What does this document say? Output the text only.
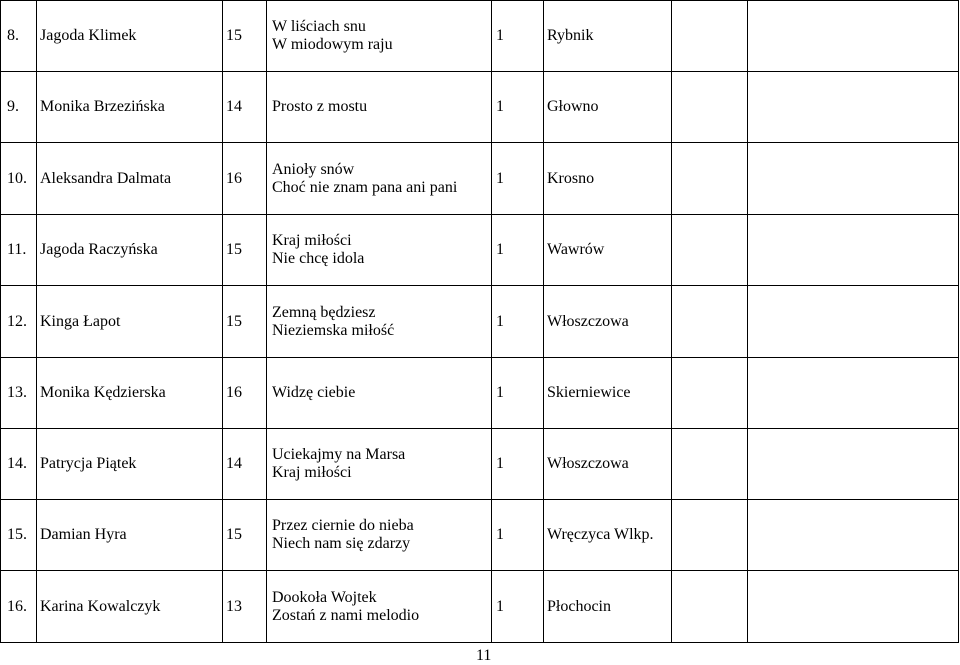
8.	Jagoda Klimek	15	W liściach snu
W miodowym raju	1	Rybnik		
9.	Monika Brzezińska	14	Prosto z mostu	1	Głowno		
10.	Aleksandra Dalmata	16	Anioły snów
Choć nie znam pana ani pani	1	Krosno		
11.	Jagoda Raczyńska	15	Kraj miłości
Nie chcę idola	1	Wawrów		
12.	Kinga Łapot	15	Zemną będziesz
Nieziemska miłość	1	Włoszczowa		
13.	Monika Kędzierska	16	Widzę ciebie	1	Skierniewice		
14.	Patrycja Piątek	14	Uciekajmy na Marsa
Kraj miłości	1	Włoszczowa		
15.	Damian Hyra	15	Przez ciernie do nieba
Niech nam się zdarzy	1	Wręczyca Wlkp.		
16.	Karina Kowalczyk	13	Dookoła Wojtek
Zostań z nami melodio	1	Płochocin		
11
